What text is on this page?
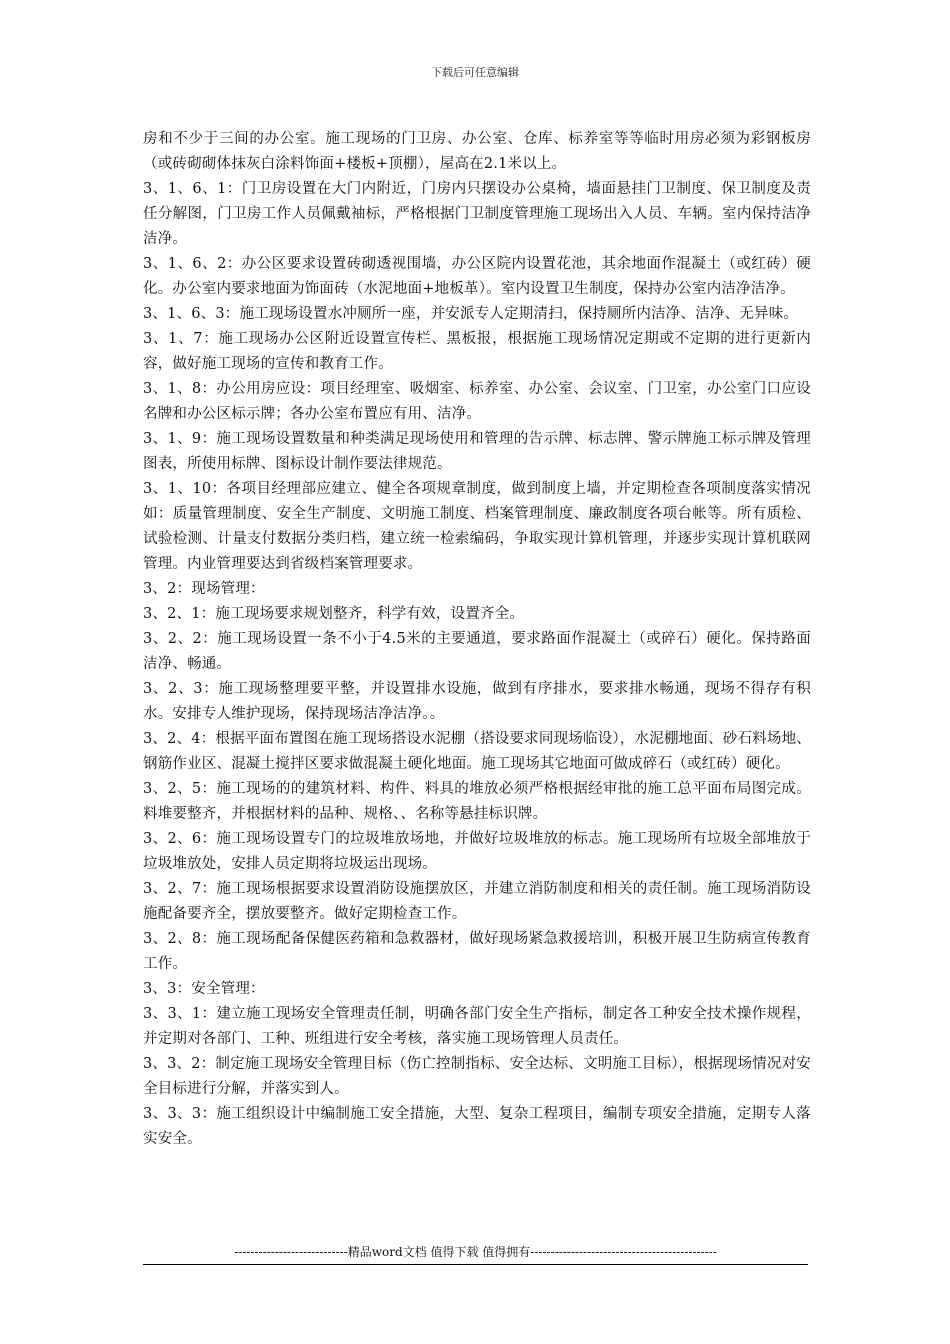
下载后可任意编辑

房和不少于三间的办公室。施工现场的门卫房、办公室、仓库、标养室等等临时用房必须为彩钢板房（或砖砌砌体抹灰白涂料饰面+楼板+顶棚），屋高在2.1米以上。

3、1、6、1：门卫房设置在大门内附近，门房内只摆设办公桌椅，墙面悬挂门卫制度、保卫制度及责任分解图，门卫房工作人员佩戴袖标，严格根据门卫制度管理施工现场出入人员、车辆。室内保持洁净洁净。

3、1、6、2：办公区要求设置砖砌透视围墙，办公区院内设置花池，其余地面作混凝土（或红砖）硬化。办公室内要求地面为饰面砖（水泥地面+地板革）。室内设置卫生制度，保持办公室内洁净洁净。

3、1、6、3：施工现场设置水冲厕所一座，并安派专人定期清扫，保持厕所内洁净、洁净、无异味。

3、1、7：施工现场办公区附近设置宣传栏、黑板报，根据施工现场情况定期或不定期的进行更新内容，做好施工现场的宣传和教育工作。

3、1、8：办公用房应设：项目经理室、吸烟室、标养室、办公室、会议室、门卫室，办公室门口应设名牌和办公区标示牌；各办公室布置应有用、洁净。

3、1、9：施工现场设置数量和种类满足现场使用和管理的告示牌、标志牌、警示牌施工标示牌及管理图表，所使用标牌、图标设计制作要法律规范。

3、1、10：各项目经理部应建立、健全各项规章制度，做到制度上墙，并定期检查各项制度落实情况如：质量管理制度、安全生产制度、文明施工制度、档案管理制度、廉政制度各项台帐等。所有质检、试验检测、计量支付数据分类归档，建立统一检索编码，争取实现计算机管理，并逐步实现计算机联网管理。内业管理要达到省级档案管理要求。

3、2：现场管理：

3、2、1：施工现场要求规划整齐，科学有效，设置齐全。

3、2、2：施工现场设置一条不小于4.5米的主要通道，要求路面作混凝土（或碎石）硬化。保持路面洁净、畅通。

3、2、3：施工现场整理要平整，并设置排水设施，做到有序排水，要求排水畅通，现场不得存有积水。安排专人维护现场，保持现场洁净洁净。。

3、2、4：根据平面布置图在施工现场搭设水泥棚（搭设要求同现场临设），水泥棚地面、砂石料场地、钢筋作业区、混凝土搅拌区要求做混凝土硬化地面。施工现场其它地面可做成碎石（或红砖）硬化。

3、2、5：施工现场的的建筑材料、构件、料具的堆放必须严格根据经审批的施工总平面布局图完成。料堆要整齐，并根据材料的品种、规格、、名称等悬挂标识牌。

3、2、6：施工现场设置专门的垃圾堆放场地，并做好垃圾堆放的标志。施工现场所有垃圾全部堆放于垃圾堆放处，安排人员定期将垃圾运出现场。

3、2、7：施工现场根据要求设置消防设施摆放区，并建立消防制度和相关的责任制。施工现场消防设施配备要齐全，摆放要整齐。做好定期检查工作。

3、2、8：施工现场配备保健医药箱和急救器材，做好现场紧急救援培训，积极开展卫生防病宣传教育工作。

3、3：安全管理：

3、3、1：建立施工现场安全管理责任制，明确各部门安全生产指标，制定各工种安全技术操作规程，并定期对各部门、工种、班组进行安全考核，落实施工现场管理人员责任。

3、3、2：制定施工现场安全管理目标（伤亡控制指标、安全达标、文明施工目标），根据现场情况对安全目标进行分解，并落实到人。

3、3、3：施工组织设计中编制施工安全措施，大型、复杂工程项目，编制专项安全措施，定期专人落实安全。

----------------------------精品word文档 值得下载 值得拥有----------------------------------------------
